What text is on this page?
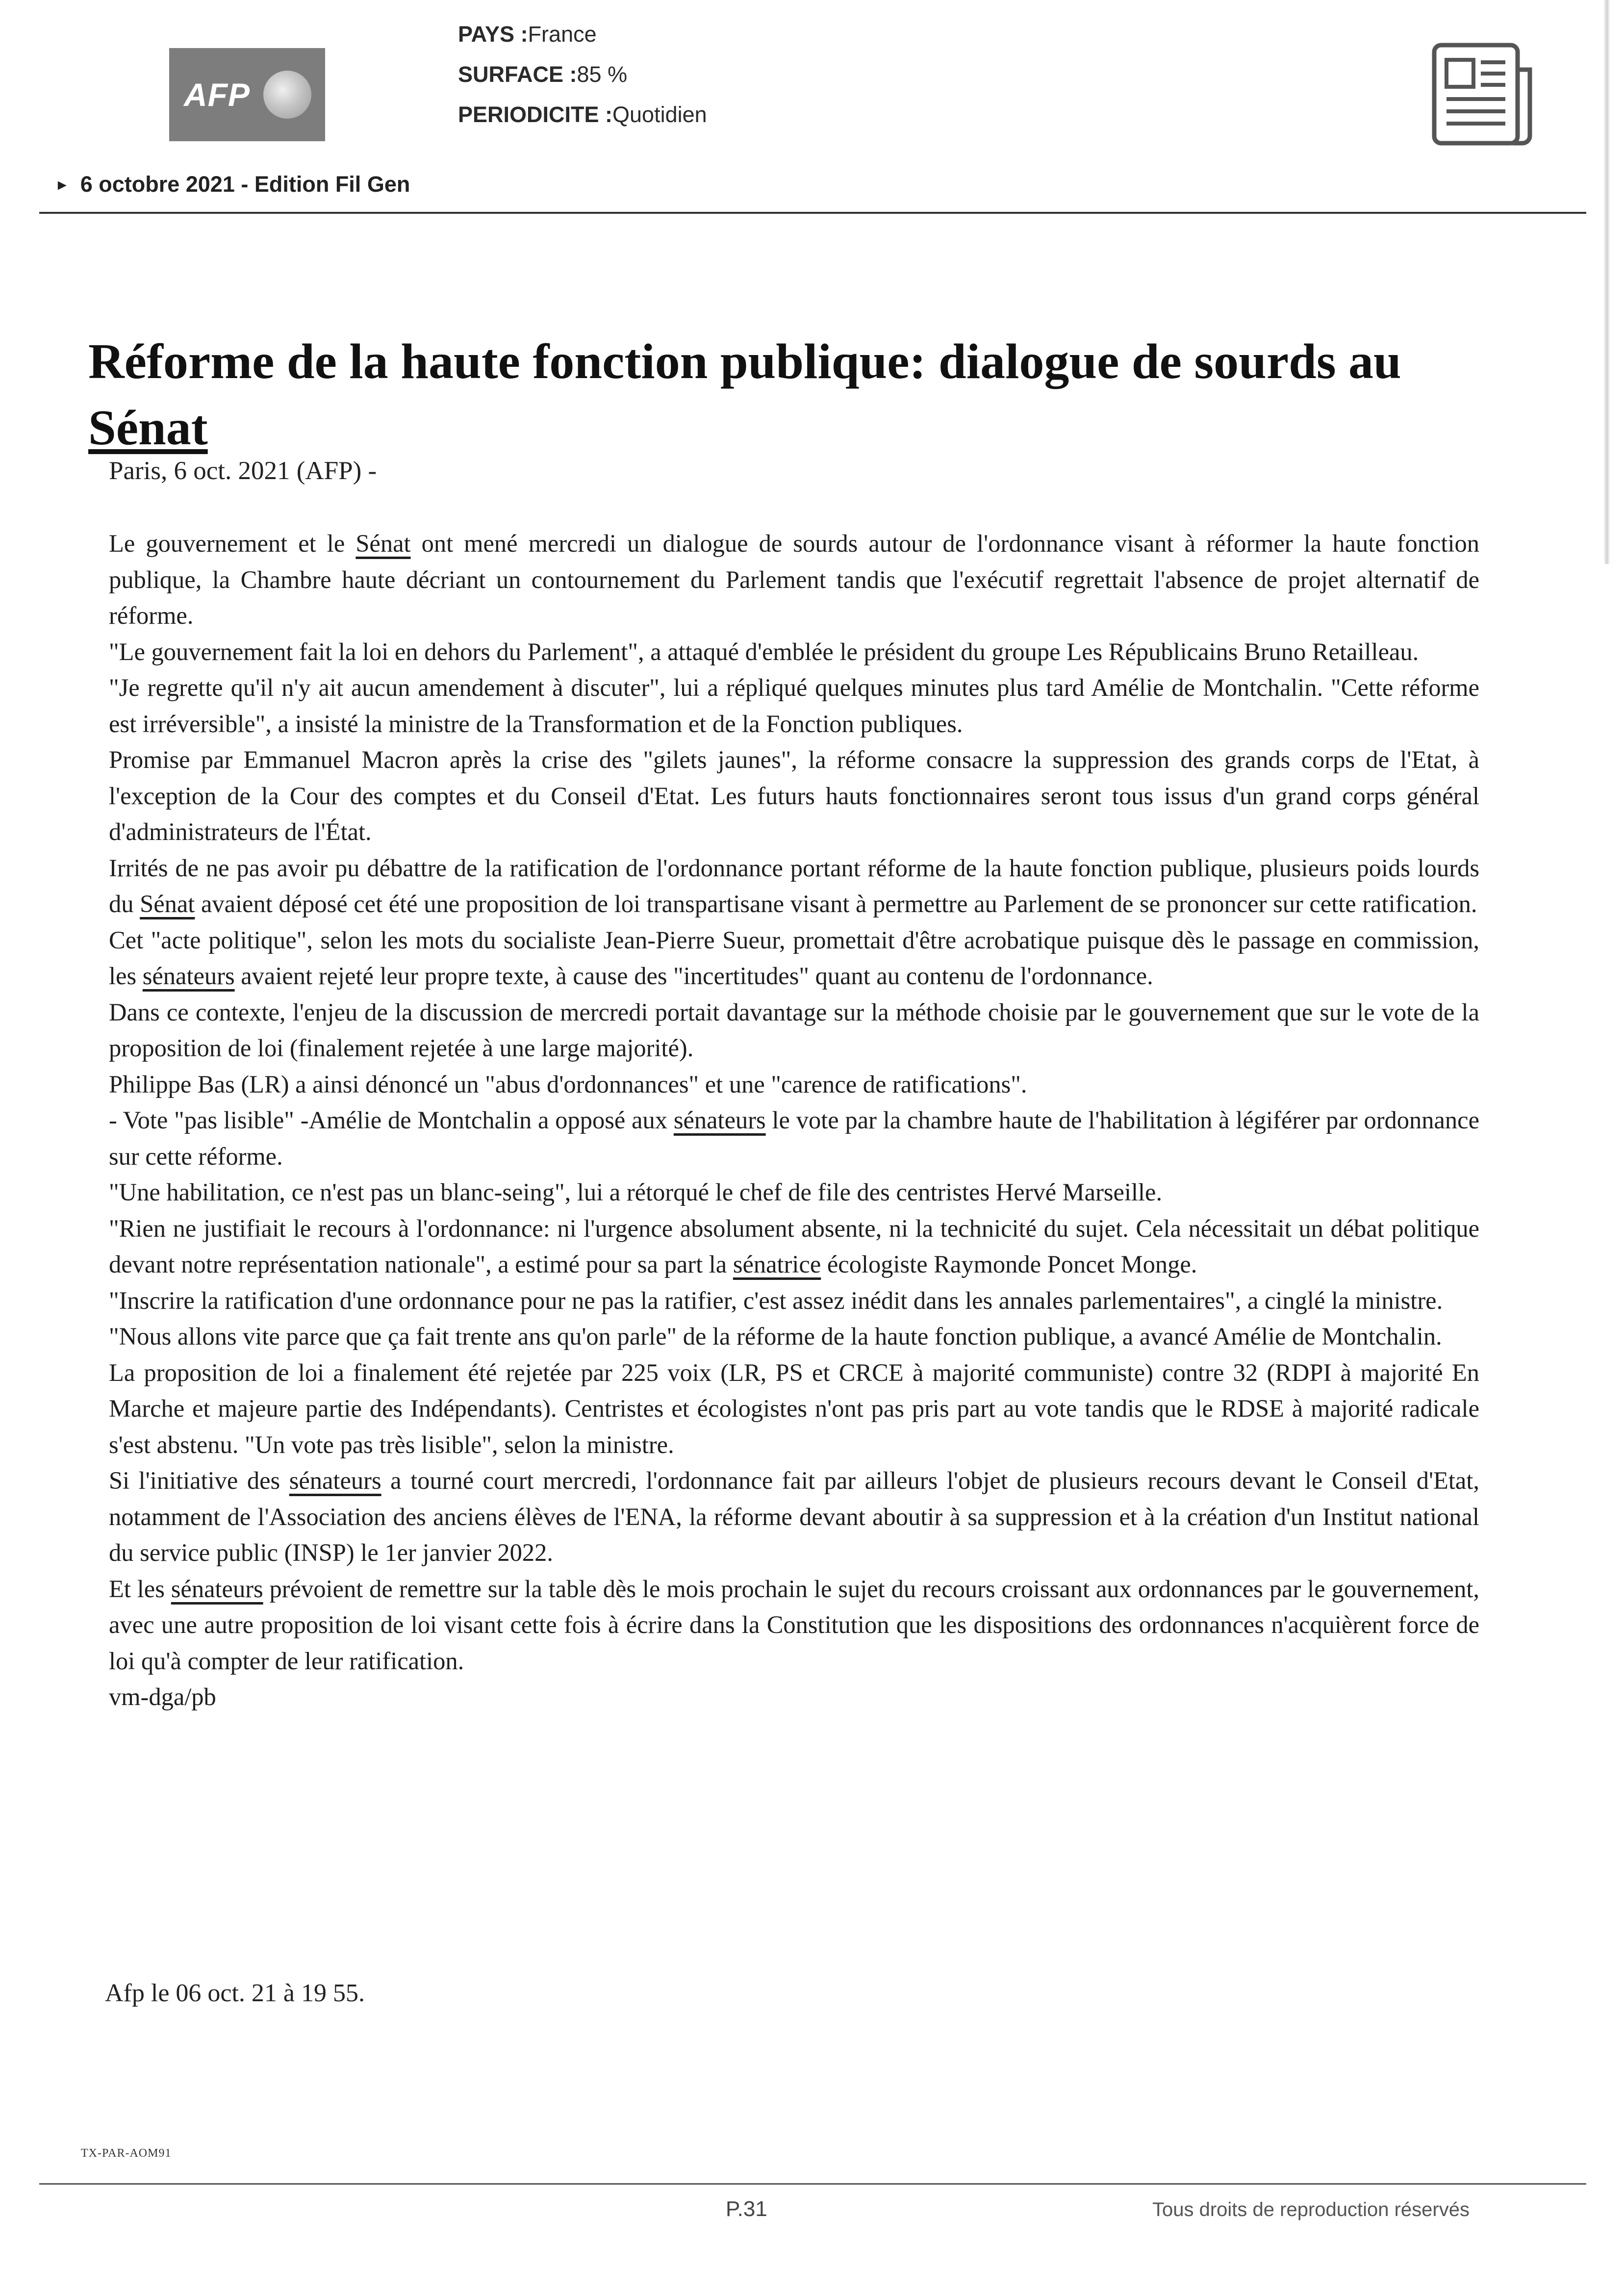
AFP
PAYS :France
SURFACE :85 %
PERIODICITE :Quotidien
► 6 octobre 2021 - Edition Fil Gen
Réforme de la haute fonction publique: dialogue de sourds au Sénat
Paris, 6 oct. 2021 (AFP) -

Le gouvernement et le Sénat ont mené mercredi un dialogue de sourds autour de l'ordonnance visant à réformer la haute fonction publique, la Chambre haute décriant un contournement du Parlement tandis que l'exécutif regrettait l'absence de projet alternatif de réforme.

"Le gouvernement fait la loi en dehors du Parlement", a attaqué d'emblée le président du groupe Les Républicains Bruno Retailleau.

"Je regrette qu'il n'y ait aucun amendement à discuter", lui a répliqué quelques minutes plus tard Amélie de Montchalin. "Cette réforme est irréversible", a insisté la ministre de la Transformation et de la Fonction publiques.

Promise par Emmanuel Macron après la crise des "gilets jaunes", la réforme consacre la suppression des grands corps de l'Etat, à l'exception de la Cour des comptes et du Conseil d'Etat. Les futurs hauts fonctionnaires seront tous issus d'un grand corps général d'administrateurs de l'État.

Irrités de ne pas avoir pu débattre de la ratification de l'ordonnance portant réforme de la haute fonction publique, plusieurs poids lourds du Sénat avaient déposé cet été une proposition de loi transpartisane visant à permettre au Parlement de se prononcer sur cette ratification.

Cet "acte politique", selon les mots du socialiste Jean-Pierre Sueur, promettait d'être acrobatique puisque dès le passage en commission, les sénateurs avaient rejeté leur propre texte, à cause des "incertitudes" quant au contenu de l'ordonnance.

Dans ce contexte, l'enjeu de la discussion de mercredi portait davantage sur la méthode choisie par le gouvernement que sur le vote de la proposition de loi (finalement rejetée à une large majorité).

Philippe Bas (LR) a ainsi dénoncé un "abus d'ordonnances" et une "carence de ratifications".

- Vote "pas lisible" -Amélie de Montchalin a opposé aux sénateurs le vote par la chambre haute de l'habilitation à légiférer par ordonnance sur cette réforme.

"Une habilitation, ce n'est pas un blanc-seing", lui a rétorqué le chef de file des centristes Hervé Marseille.

"Rien ne justifiait le recours à l'ordonnance: ni l'urgence absolument absente, ni la technicité du sujet. Cela nécessitait un débat politique devant notre représentation nationale", a estimé pour sa part la sénatrice écologiste Raymonde Poncet Monge.

"Inscrire la ratification d'une ordonnance pour ne pas la ratifier, c'est assez inédit dans les annales parlementaires", a cinglé la ministre.

"Nous allons vite parce que ça fait trente ans qu'on parle" de la réforme de la haute fonction publique, a avancé Amélie de Montchalin.

La proposition de loi a finalement été rejetée par 225 voix (LR, PS et CRCE à majorité communiste) contre 32 (RDPI à majorité En Marche et majeure partie des Indépendants). Centristes et écologistes n'ont pas pris part au vote tandis que le RDSE à majorité radicale s'est abstenu. "Un vote pas très lisible", selon la ministre.

Si l'initiative des sénateurs a tourné court mercredi, l'ordonnance fait par ailleurs l'objet de plusieurs recours devant le Conseil d'Etat, notamment de l'Association des anciens élèves de l'ENA, la réforme devant aboutir à sa suppression et à la création d'un Institut national du service public (INSP) le 1er janvier 2022.

Et les sénateurs prévoient de remettre sur la table dès le mois prochain le sujet du recours croissant aux ordonnances par le gouvernement, avec une autre proposition de loi visant cette fois à écrire dans la Constitution que les dispositions des ordonnances n'acquièrent force de loi qu'à compter de leur ratification.

vm-dga/pb

Afp le 06 oct. 21 à 19 55.
TX-PAR-AOM91
P.31	Tous droits de reproduction réservés
